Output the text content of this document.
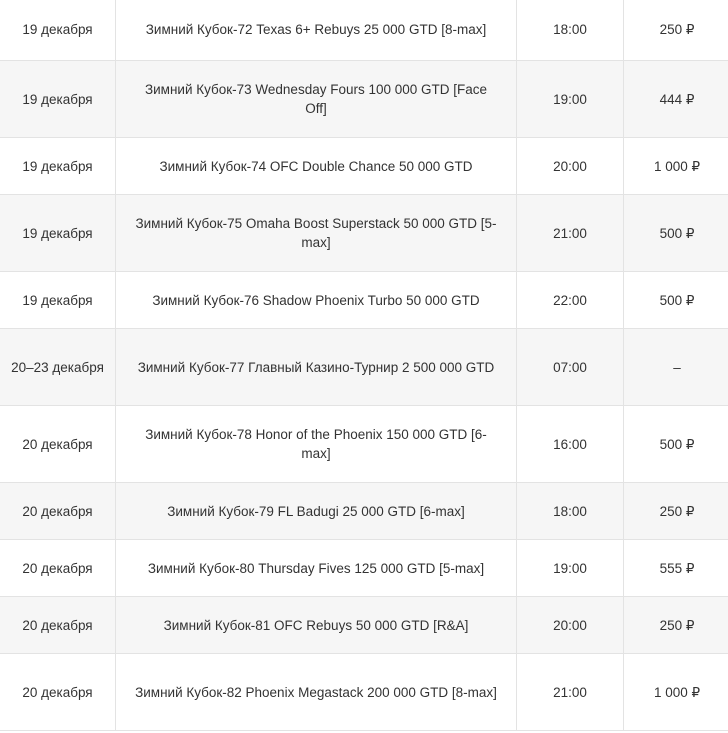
19 декабря	Зимний Кубок-72 Texas 6+ Rebuys 25 000 GTD [8-max]	18:00	250 ₽
19 декабря	Зимний Кубок-73 Wednesday Fours 100 000 GTD [Face Off]	19:00	444 ₽
19 декабря	Зимний Кубок-74 OFC Double Chance 50 000 GTD	20:00	1 000 ₽
19 декабря	Зимний Кубок-75 Omaha Boost Superstack 50 000 GTD [5-max]	21:00	500 ₽
19 декабря	Зимний Кубок-76 Shadow Phoenix Turbo 50 000 GTD	22:00	500 ₽
20–23 декабря	Зимний Кубок-77 Главный Казино-Турнир 2 500 000 GTD	07:00	–
20 декабря	Зимний Кубок-78 Honor of the Phoenix 150 000 GTD [6-max]	16:00	500 ₽
20 декабря	Зимний Кубок-79 FL Badugi 25 000 GTD [6-max]	18:00	250 ₽
20 декабря	Зимний Кубок-80 Thursday Fives 125 000 GTD [5-max]	19:00	555 ₽
20 декабря	Зимний Кубок-81 OFC Rebuys 50 000 GTD [R&A]	20:00	250 ₽
20 декабря	Зимний Кубок-82 Phoenix Megastack 200 000 GTD [8-max]	21:00	1 000 ₽
